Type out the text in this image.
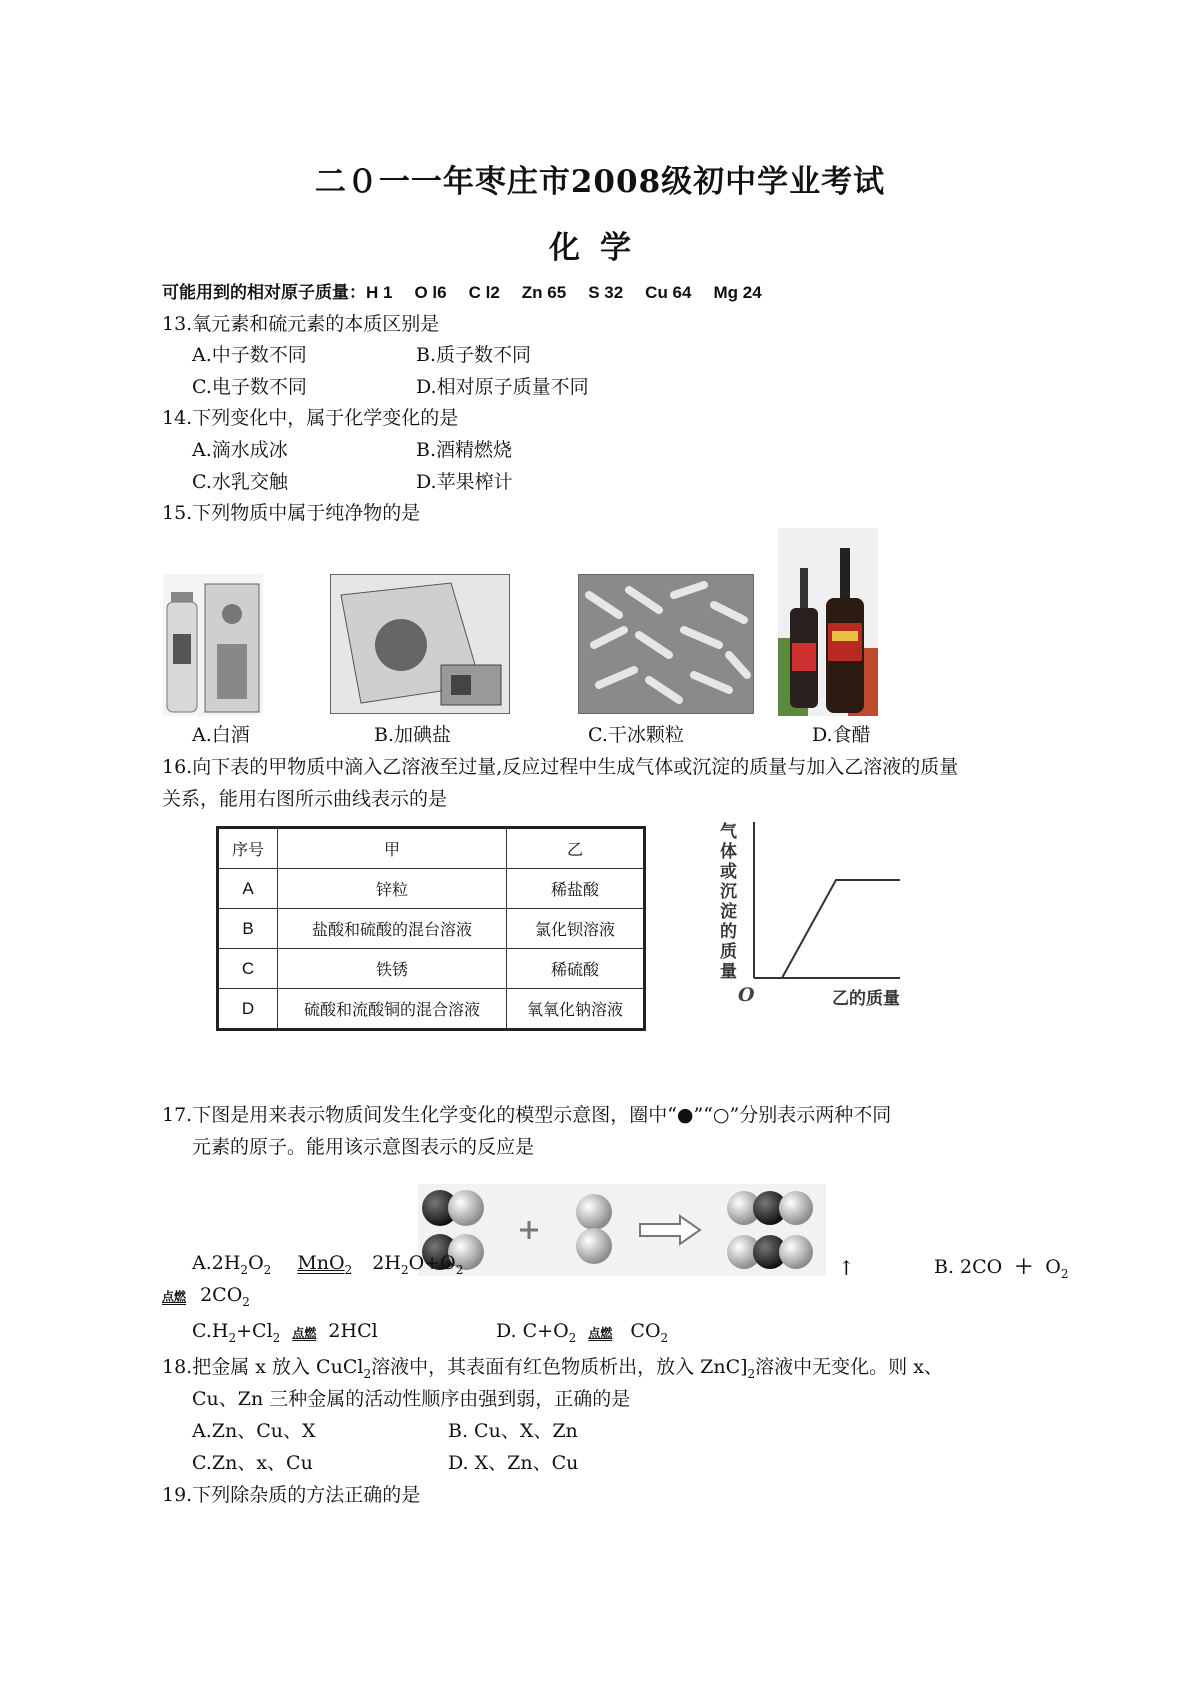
二０一一年枣庄市2008级初中学业考试
化学
可能用到的相对原子质量：H 1 O l6 C l2 Zn 65 S 32 Cu 64 Mg 24
13.氧元素和硫元素的本质区别是
A.中子数不同	B.质子数不同
C.电子数不同	D.相对原子质量不同
14.下列变化中，属于化学变化的是
A.滴水成冰	B.酒精燃烧
C.水乳交触	D.苹果榨计
15.下列物质中属于纯净物的是
A.白酒	B.加碘盐	C.干冰颗粒	D.食醋
16.向下表的甲物质中滴入乙溶液至过量,反应过程中生成气体或沉淀的质量与加入乙溶液的质量
关系，能用右图所示曲线表示的是
序号	甲	乙
A	锌粒	稀盐酸
B	盐酸和硫酸的混台溶液	氯化钡溶液
C	铁锈	稀硫酸
D	硫酸和流酸铜的混合溶液	氧氧化钠溶液
气体或沉淀的质量
O	乙的质量
17.下图是用来表示物质间发生化学变化的模型示意图，圈中“●”“○”分别表示两种不同
元素的原子。能用该示意图表示的反应是
$A.2H_2O_2$ MnO$_2$ $2H_2O+O_2$	↑	B. $2CO + O_2$
点燃 $2CO_2$
$C.H_2+Cl_2$ 点燃 2HCl	D. $C+O_2$ 点燃 $CO_2$
18.把金属 x 放入 CuCl$_2$溶液中，其表面有红色物质析出，放入 $ZnC]_2$溶液中无变化。则 x、
Cu、Zn 三种金属的活动性顺序由强到弱，正确的是
A.Zn、Cu、X	B. Cu、X、Zn
C.Zn、x、Cu	D. X、Zn、Cu
19.下列除杂质的方法正确的是
